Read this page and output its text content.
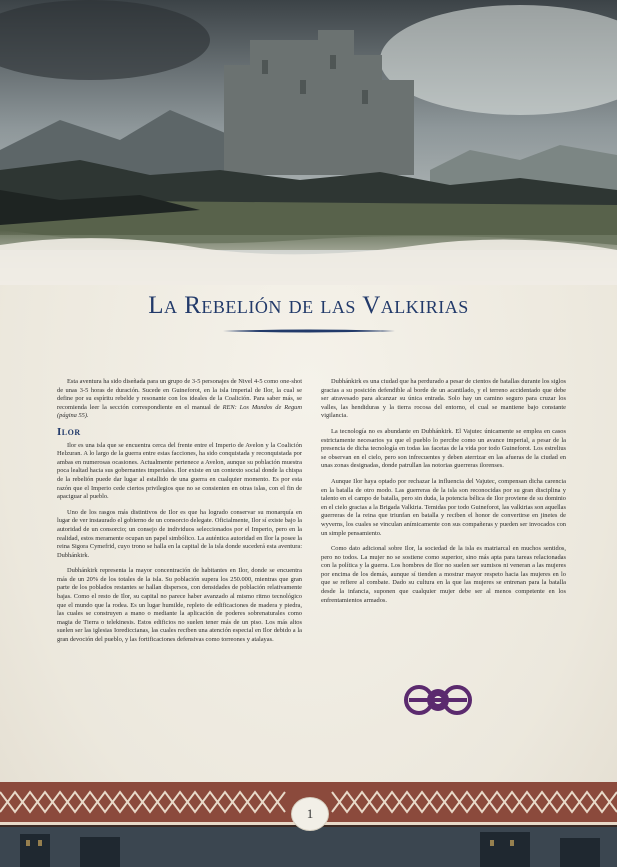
La Rebelión de las Valkirias

Esta aventura ha sido diseñada para un grupo de 3-5 personajes de Nivel 4-5 como one-shot de unas 3-5 horas de duración. Sucede en Guineforot, en la isla imperial de Ilor, la cual se define por su espíritu rebelde y resonante con los ideales de la Coalición. Para saber más, se recomienda leer la sección correspondiente en el manual de REN: Los Mundos de Regum (página 55).

Ilor

Ilor es una isla que se encuentra cerca del frente entre el Imperio de Avelon y la Coalición Helzuran. A lo largo de la guerra entre estas facciones, ha sido conquistada y reconquistada por ambas en numerosas ocasiones. Actualmente pertenece a Avelon, aunque su población muestra poca lealtad hacia sus gobernantes imperiales. Ilor existe en un contexto social donde la chispa de la rebelión puede dar lugar al estallido de una guerra en cualquier momento. Es por esta razón que el Imperio cede ciertos privilegios que no se consienten en otras islas, con el fin de apaciguar al pueblo.

Uno de los rasgos más distintivos de Ilor es que ha logrado conservar su monarquía en lugar de ver instaurado el gobierno de un consorcio delegate. Oficialmente, Ilor sí existe bajo la autoridad de un consorcio; un consejo de individuos seleccionados por el Imperio, pero en la realidad, estos meramente ocupan un papel simbólico. La auténtica autoridad en Ilor la posee la reina Sigora Cymefrid, cuyo trono se halla en la capital de la isla donde sucederá esta aventura: Dubhánkirk.

Dubhánkirk representa la mayor concentración de habitantes en Ilor, donde se encuentra más de un 20% de los totales de la isla. Su población supera los 250.000, mientras que gran parte de los poblados restantes se hallan dispersos, con densidades de población relativamente bajas. Como el resto de Ilor, su capital no parece haber avanzado al mismo ritmo tecnológico que el mundo que la rodea. Es un lugar humilde, repleto de edificaciones de madera y piedra, las cuales se construyen a mano o mediante la aplicación de poderes sobrenaturales como magia de Tierra o telekinesis. Estos edificios no suelen tener más de un piso. Los más altos suelen ser las iglesias Iorediccianas, las cuales reciben una atención especial en Ilor debido a la gran devoción del pueblo, y las fortificaciones defensivas como torreones y atalayas.

Dubhánkirk es una ciudad que ha perdurado a pesar de cientos de batallas durante los siglos gracias a su posición defendible al borde de un acantilado, y el terreno accidentado que debe ser atravesado para alcanzar su única entrada. Solo hay un camino seguro para cruzar los valles, las hendiduras y la tierra rocosa del entorno, el cual se mantiene bajo constante vigilancia.

La tecnología no es abundante en Dubhánkirk. El Vajutec únicamente se emplea en casos estrictamente necesarios ya que el pueblo lo percibe como un avance imperial, a pesar de la presencia de dicha tecnología en todas las facetas de la vida por todo Guineforot. Los estrelius se observan en el cielo, pero son infrecuentes y deben aterrizar en las afueras de la ciudad en unas zonas designadas, donde patrullan las notorias guerreras ilorenses.

Aunque Ilor haya optado por rechazar la influencia del Vajutec, compensan dicha carencia en la batalla de otro modo. Las guerreras de la isla son reconocidas por su gran disciplina y talento en el campo de batalla, pero sin duda, la potencia bélica de Ilor proviene de su dominio en el cielo gracias a la Brigada Valkiria. Temidas por todo Guineforot, las valkirias son aquellas guerreras de la reina que triunfan en batalla y reciben el honor de convertirse en jinetes de wyverns, los cuales se vinculan anímicamente con sus compañeras y pueden ser invocados con un simple pensamiento.

Como dato adicional sobre Ilor, la sociedad de la isla es matriarcal en muchos sentidos, pero no todos. La mujer no se sostiene como superior, sino más apta para tareas relacionadas con la política y la guerra. Los hombres de Ilor no suelen ser sumisos ni veneran a las mujeres por encima de los demás, aunque sí tienden a mostrar mayor respeto hacia las mujeres en lo que se refiere al combate. Dado su cultura en la que las mujeres se entrenan para la batalla desde la infancia, suponen que cualquier mujer debe ser al menos competente en los enfrentamientos armados.

1
